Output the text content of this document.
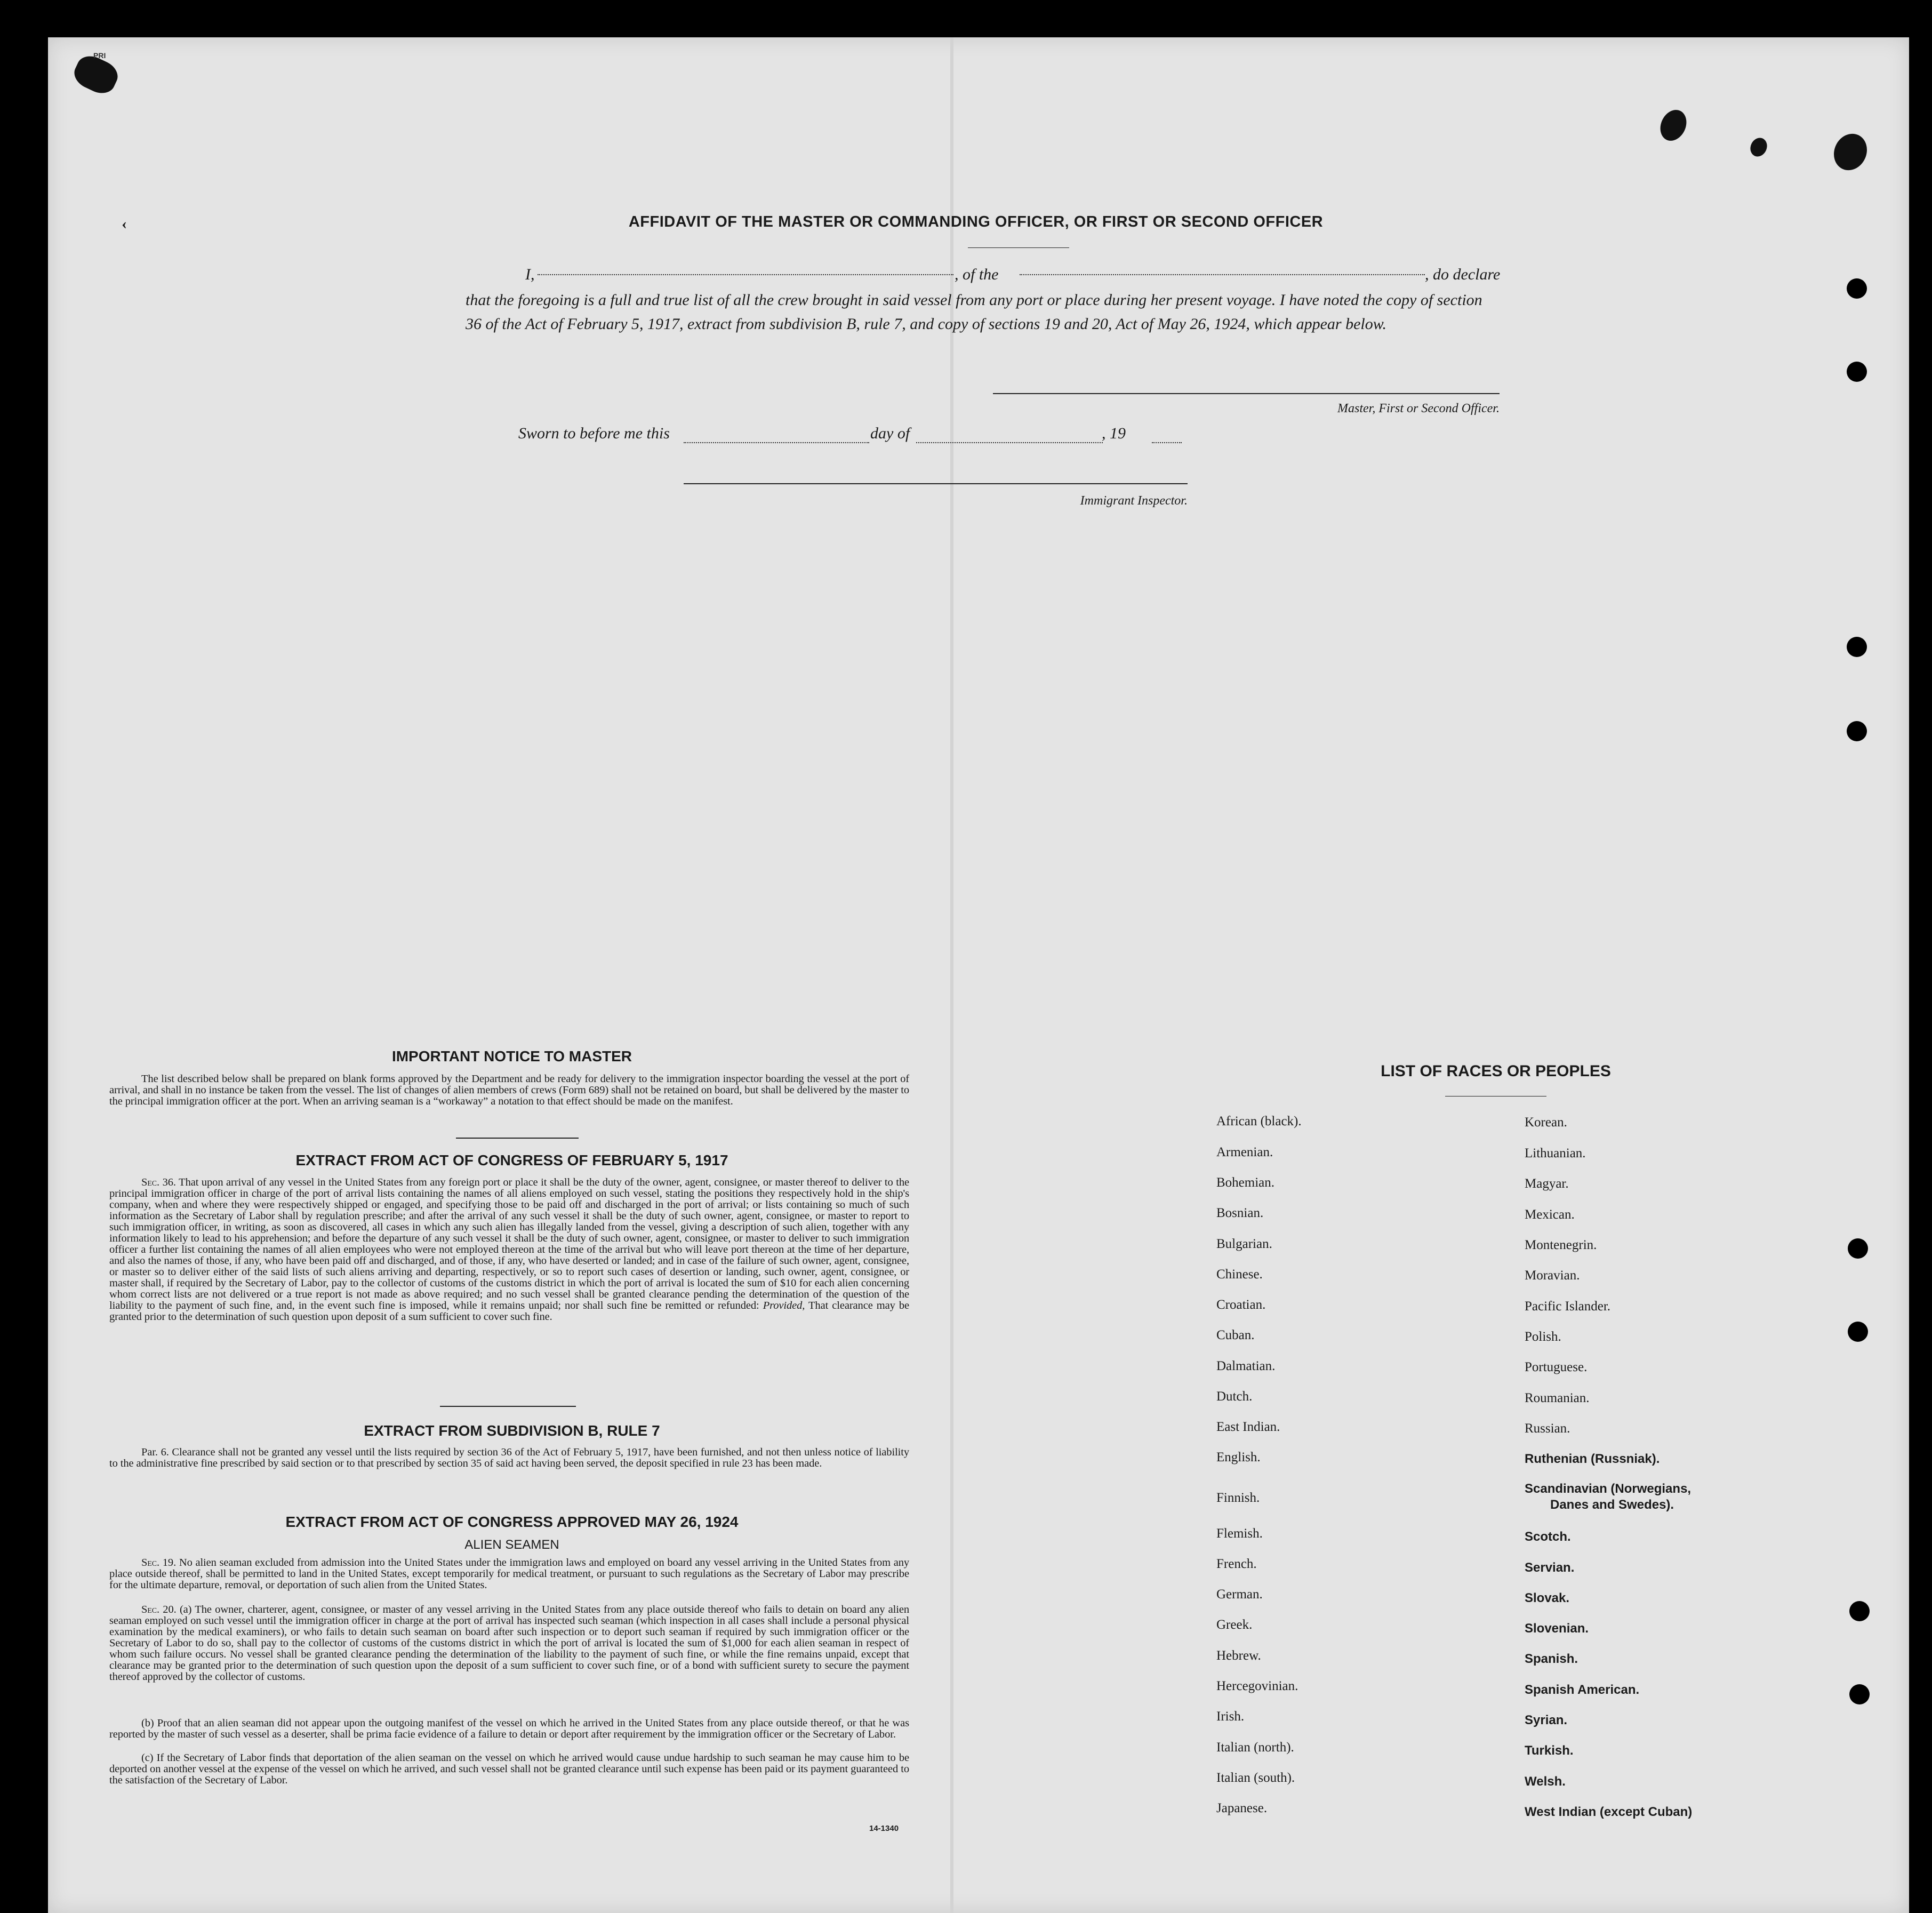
PRI
‹	AFFIDAVIT OF THE MASTER OR COMMANDING OFFICER, OR FIRST OR SECOND OFFICER
I,	, of the	, do declare
that the foregoing is a full and true list of all the crew brought in said vessel from any port or place during her present voyage. I have noted the copy of section 36 of the Act of February 5, 1917, extract from subdivision B, rule 7, and copy of sections 19 and 20, Act of May 26, 1924, which appear below.
Master, First or Second Officer.
Sworn to before me this	day of	, 19
Immigrant Inspector.
IMPORTANT NOTICE TO MASTER
The list described below shall be prepared on blank forms approved by the Department and be ready for delivery to the immigration inspector boarding the vessel at the port of arrival, and shall in no instance be taken from the vessel. The list of changes of alien members of crews (Form 689) shall not be retained on board, but shall be delivered by the master to the principal immigration officer at the port. When an arriving seaman is a “workaway” a notation to that effect should be made on the manifest.
EXTRACT FROM ACT OF CONGRESS OF FEBRUARY 5, 1917
Sec. 36. That upon arrival of any vessel in the United States from any foreign port or place it shall be the duty of the owner, agent, consignee, or master thereof to deliver to the principal immigration officer in charge of the port of arrival lists containing the names of all aliens employed on such vessel, stating the positions they respectively hold in the ship's company, when and where they were respectively shipped or engaged, and specifying those to be paid off and discharged in the port of arrival; or lists containing so much of such information as the Secretary of Labor shall by regulation prescribe; and after the arrival of any such vessel it shall be the duty of such owner, agent, consignee, or master to report to such immigration officer, in writing, as soon as discovered, all cases in which any such alien has illegally landed from the vessel, giving a description of such alien, together with any information likely to lead to his apprehension; and before the departure of any such vessel it shall be the duty of such owner, agent, consignee, or master to deliver to such immigration officer a further list containing the names of all alien employees who were not employed thereon at the time of the arrival but who will leave port thereon at the time of her departure, and also the names of those, if any, who have been paid off and discharged, and of those, if any, who have deserted or landed; and in case of the failure of such owner, agent, consignee, or master so to deliver either of the said lists of such aliens arriving and departing, respectively, or so to report such cases of desertion or landing, such owner, agent, consignee, or master shall, if required by the Secretary of Labor, pay to the collector of customs of the customs district in which the port of arrival is located the sum of $10 for each alien concerning whom correct lists are not delivered or a true report is not made as above required; and no such vessel shall be granted clearance pending the determination of the question of the liability to the payment of such fine, and, in the event such fine is imposed, while it remains unpaid; nor shall such fine be remitted or refunded: Provided, That clearance may be granted prior to the determination of such question upon deposit of a sum sufficient to cover such fine.
EXTRACT FROM SUBDIVISION B, RULE 7
Par. 6. Clearance shall not be granted any vessel until the lists required by section 36 of the Act of February 5, 1917, have been furnished, and not then unless notice of liability to the administrative fine prescribed by said section or to that prescribed by section 35 of said act having been served, the deposit specified in rule 23 has been made.
EXTRACT FROM ACT OF CONGRESS APPROVED MAY 26, 1924
ALIEN SEAMEN
Sec. 19. No alien seaman excluded from admission into the United States under the immigration laws and employed on board any vessel arriving in the United States from any place outside thereof, shall be permitted to land in the United States, except temporarily for medical treatment, or pursuant to such regulations as the Secretary of Labor may prescribe for the ultimate departure, removal, or deportation of such alien from the United States.
Sec. 20. (a) The owner, charterer, agent, consignee, or master of any vessel arriving in the United States from any place outside thereof who fails to detain on board any alien seaman employed on such vessel until the immigration officer in charge at the port of arrival has inspected such seaman (which inspection in all cases shall include a personal physical examination by the medical examiners), or who fails to detain such seaman on board after such inspection or to deport such seaman if required by such immigration officer or the Secretary of Labor to do so, shall pay to the collector of customs of the customs district in which the port of arrival is located the sum of $1,000 for each alien seaman in respect of whom such failure occurs. No vessel shall be granted clearance pending the determination of the liability to the payment of such fine, or while the fine remains unpaid, except that clearance may be granted prior to the determination of such question upon the deposit of a sum sufficient to cover such fine, or of a bond with sufficient surety to secure the payment thereof approved by the collector of customs.
(b) Proof that an alien seaman did not appear upon the outgoing manifest of the vessel on which he arrived in the United States from any place outside thereof, or that he was reported by the master of such vessel as a deserter, shall be prima facie evidence of a failure to detain or deport after requirement by the immigration officer or the Secretary of Labor.
(c) If the Secretary of Labor finds that deportation of the alien seaman on the vessel on which he arrived would cause undue hardship to such seaman he may cause him to be deported on another vessel at the expense of the vessel on which he arrived, and such vessel shall not be granted clearance until such expense has been paid or its payment guaranteed to the satisfaction of the Secretary of Labor.
14-1340
LIST OF RACES OR PEOPLES
African (black).
Armenian.
Bohemian.
Bosnian.
Bulgarian.
Chinese.
Croatian.
Cuban.
Dalmatian.
Dutch.
East Indian.
English.
Finnish.
Flemish.
French.
German.
Greek.
Hebrew.
Hercegovinian.
Irish.
Italian (north).
Italian (south).
Japanese.
Korean.
Lithuanian.
Magyar.
Mexican.
Montenegrin.
Moravian.
Pacific Islander.
Polish.
Portuguese.
Roumanian.
Russian.
Ruthenian (Russniak).
Scandinavian (Norwegians,
Danes and Swedes).
Scotch.
Servian.
Slovak.
Slovenian.
Spanish.
Spanish American.
Syrian.
Turkish.
Welsh.
West Indian (except Cuban)
